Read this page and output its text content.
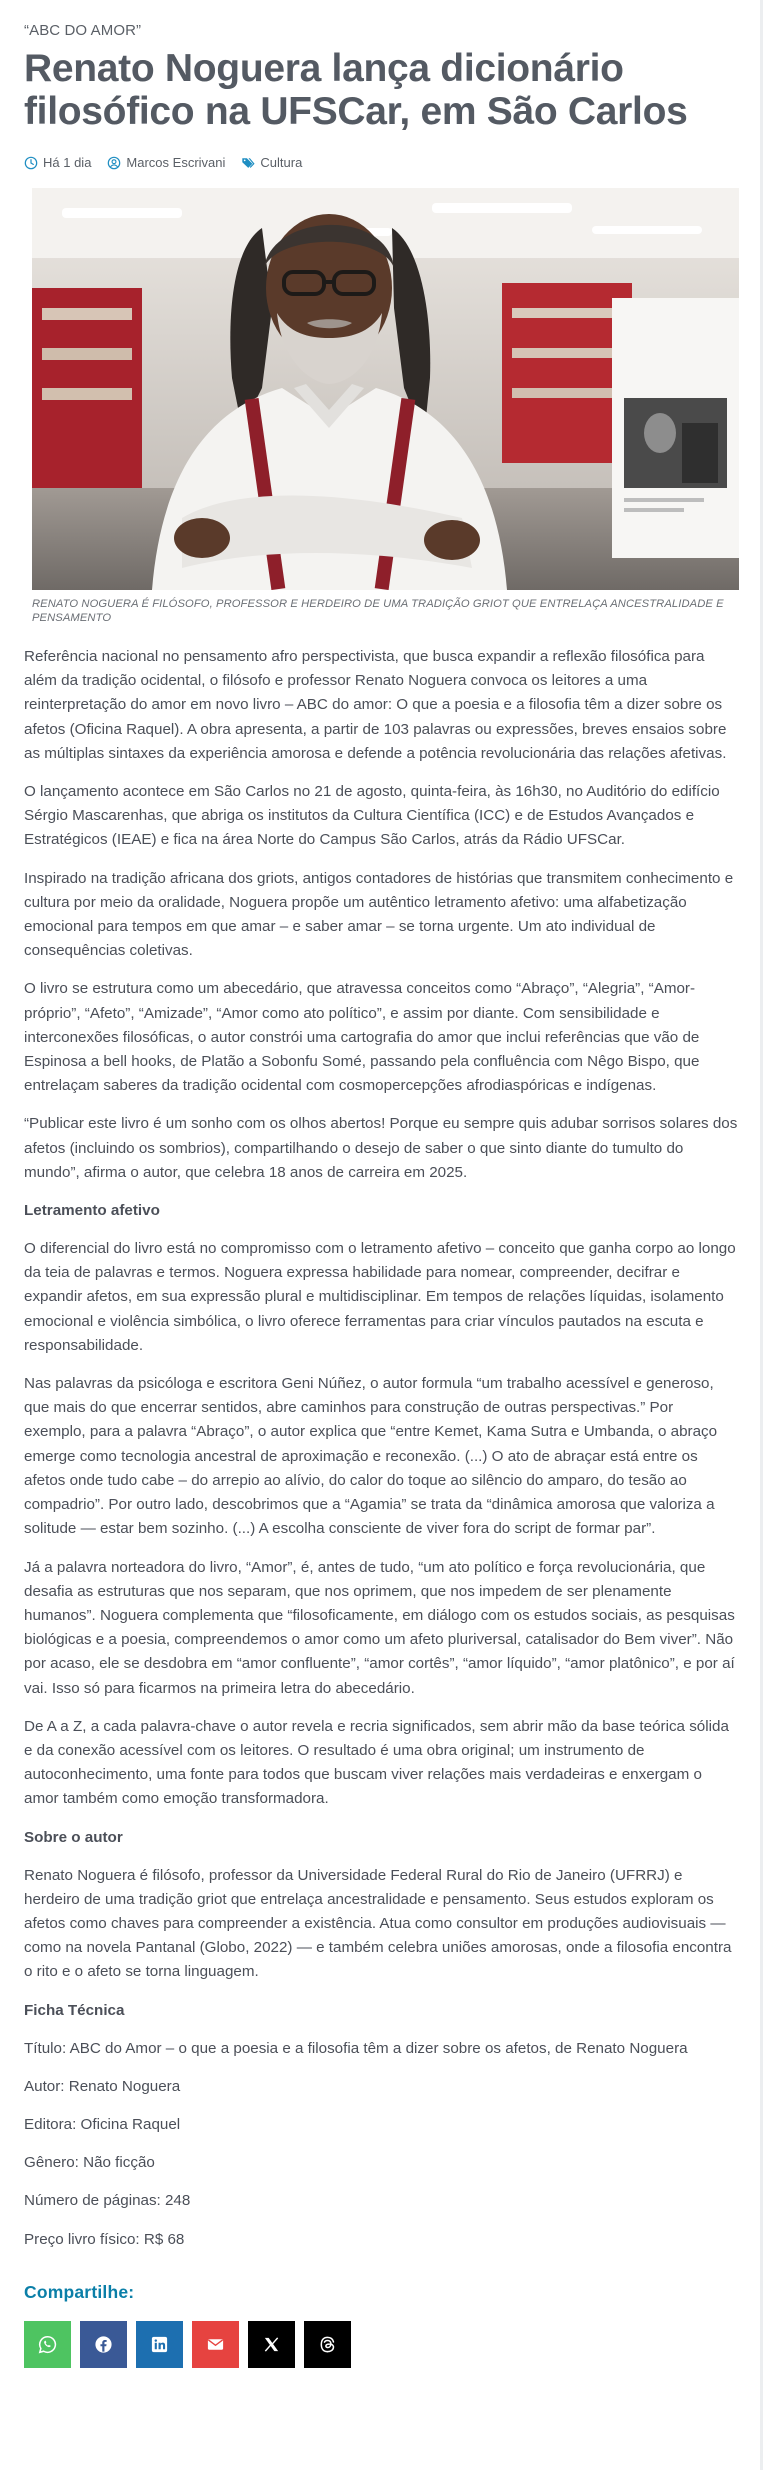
“ABC DO AMOR”
Renato Noguera lança dicionário filosófico na UFSCar, em São Carlos
Há 1 dia	Marcos Escrivani	Cultura
RENATO NOGUERA É FILÓSOFO, PROFESSOR E HERDEIRO DE UMA TRADIÇÃO GRIOT QUE ENTRELAÇA ANCESTRALIDADE E PENSAMENTO

Referência nacional no pensamento afro perspectivista, que busca expandir a reflexão filosófica para além da tradição ocidental, o filósofo e professor Renato Noguera convoca os leitores a uma reinterpretação do amor em novo livro – ABC do amor: O que a poesia e a filosofia têm a dizer sobre os afetos (Oficina Raquel). A obra apresenta, a partir de 103 palavras ou expressões, breves ensaios sobre as múltiplas sintaxes da experiência amorosa e defende a potência revolucionária das relações afetivas.

O lançamento acontece em São Carlos no 21 de agosto, quinta-feira, às 16h30, no Auditório do edifício Sérgio Mascarenhas, que abriga os institutos da Cultura Científica (ICC) e de Estudos Avançados e Estratégicos (IEAE) e fica na área Norte do Campus São Carlos, atrás da Rádio UFSCar.

Inspirado na tradição africana dos griots, antigos contadores de histórias que transmitem conhecimento e cultura por meio da oralidade, Noguera propõe um autêntico letramento afetivo: uma alfabetização emocional para tempos em que amar – e saber amar – se torna urgente. Um ato individual de consequências coletivas.

O livro se estrutura como um abecedário, que atravessa conceitos como “Abraço”, “Alegria”, “Amor-próprio”, “Afeto”, “Amizade”, “Amor como ato político”, e assim por diante. Com sensibilidade e interconexões filosóficas, o autor constrói uma cartografia do amor que inclui referências que vão de Espinosa a bell hooks, de Platão a Sobonfu Somé, passando pela confluência com Nêgo Bispo, que entrelaçam saberes da tradição ocidental com cosmopercepções afrodiaspóricas e indígenas.

“Publicar este livro é um sonho com os olhos abertos! Porque eu sempre quis adubar sorrisos solares dos afetos (incluindo os sombrios), compartilhando o desejo de saber o que sinto diante do tumulto do mundo”, afirma o autor, que celebra 18 anos de carreira em 2025.

Letramento afetivo

O diferencial do livro está no compromisso com o letramento afetivo – conceito que ganha corpo ao longo da teia de palavras e termos. Noguera expressa habilidade para nomear, compreender, decifrar e expandir afetos, em sua expressão plural e multidisciplinar. Em tempos de relações líquidas, isolamento emocional e violência simbólica, o livro oferece ferramentas para criar vínculos pautados na escuta e responsabilidade.

Nas palavras da psicóloga e escritora Geni Núñez, o autor formula “um trabalho acessível e generoso, que mais do que encerrar sentidos, abre caminhos para construção de outras perspectivas.” Por exemplo, para a palavra “Abraço”, o autor explica que “entre Kemet, Kama Sutra e Umbanda, o abraço emerge como tecnologia ancestral de aproximação e reconexão. (...) O ato de abraçar está entre os afetos onde tudo cabe – do arrepio ao alívio, do calor do toque ao silêncio do amparo, do tesão ao compadrio”. Por outro lado, descobrimos que a “Agamia” se trata da “dinâmica amorosa que valoriza a solitude — estar bem sozinho. (...) A escolha consciente de viver fora do script de formar par”.

Já a palavra norteadora do livro, “Amor”, é, antes de tudo, “um ato político e força revolucionária, que desafia as estruturas que nos separam, que nos oprimem, que nos impedem de ser plenamente humanos”. Noguera complementa que “filosoficamente, em diálogo com os estudos sociais, as pesquisas biológicas e a poesia, compreendemos o amor como um afeto pluriversal, catalisador do Bem viver”. Não por acaso, ele se desdobra em “amor confluente”, “amor cortês”, “amor líquido”, “amor platônico”, e por aí vai. Isso só para ficarmos na primeira letra do abecedário.

De A a Z, a cada palavra-chave o autor revela e recria significados, sem abrir mão da base teórica sólida e da conexão acessível com os leitores. O resultado é uma obra original; um instrumento de autoconhecimento, uma fonte para todos que buscam viver relações mais verdadeiras e enxergam o amor também como emoção transformadora.

Sobre o autor

Renato Noguera é filósofo, professor da Universidade Federal Rural do Rio de Janeiro (UFRRJ) e herdeiro de uma tradição griot que entrelaça ancestralidade e pensamento. Seus estudos exploram os afetos como chaves para compreender a existência. Atua como consultor em produções audiovisuais — como na novela Pantanal (Globo, 2022) — e também celebra uniões amorosas, onde a filosofia encontra o rito e o afeto se torna linguagem.

Ficha Técnica

Título: ABC do Amor – o que a poesia e a filosofia têm a dizer sobre os afetos, de Renato Noguera

Autor: Renato Noguera

Editora: Oficina Raquel

Gênero: Não ficção

Número de páginas: 248

Preço livro físico: R$ 68

Compartilhe:
